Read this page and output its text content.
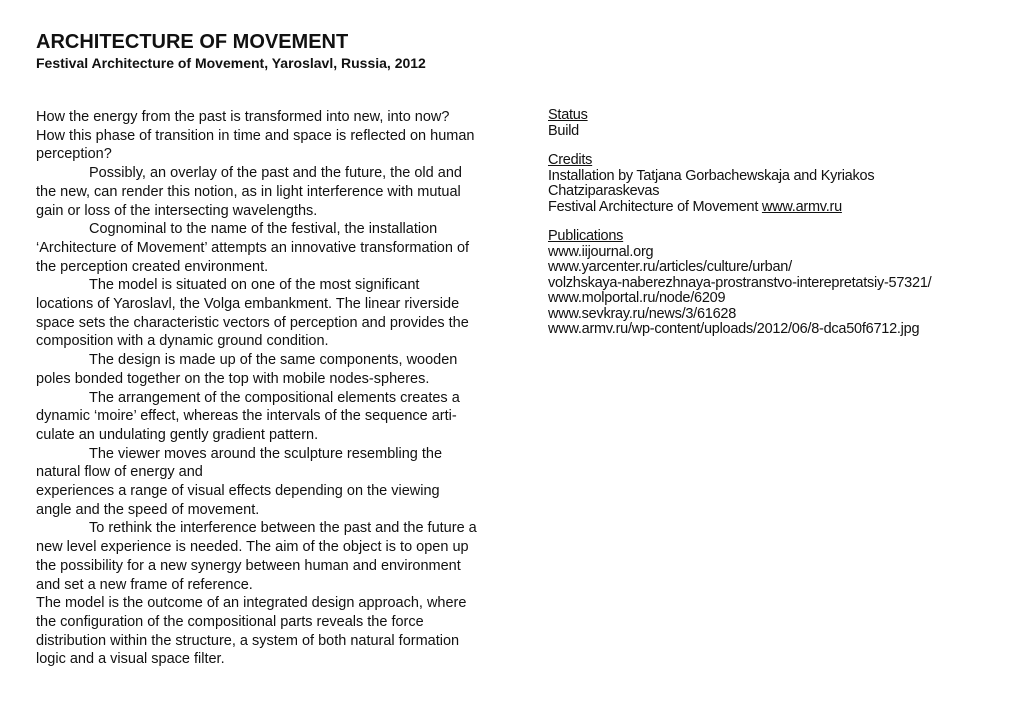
ARCHITECTURE OF MOVEMENT
Festival Architecture of Movement, Yaroslavl, Russia, 2012

How the energy from the past is transformed into new, into now? How this phase of transition in time and space is reflected on human perception?

Possibly, an overlay of the past and the future, the old and the new, can render this notion, as in light interference with mutual gain or loss of the intersecting wavelengths.

Cognominal to the name of the festival, the installation ‘Architecture of Movement’ attempts an innovative transformation of the perception created environment.

The model is situated on one of the most significant locations of Yaroslavl, the Volga embankment. The linear riverside space sets the characteristic vectors of perception and provides the composition with a dynamic ground condition.

The design is made up of the same components, wooden poles bonded together on the top with mobile nodes-spheres.

The arrangement of the compositional elements creates a dynamic ‘moire’ effect, whereas the intervals of the sequence arti-culate an undulating gently gradient pattern.

The viewer moves around the sculpture resembling the natural flow of energy and

experiences a range of visual effects depending on the viewing angle and the speed of movement.

To rethink the interference between the past and the future a new level experience is needed. The aim of the object is to open up the possibility for a new synergy between human and environment and set a new frame of reference.

The model is the outcome of an integrated design approach, where the configuration of the compositional parts reveals the force distribution within the structure, a system of both natural formation logic and a visual space filter.

Status
Build
Credits
Installation by Tatjana Gorbachewskaja and Kyriakos
Chatziparaskevas
Festival Architecture of Movement www.armv.ru
Publications
www.iijournal.org
www.yarcenter.ru/articles/culture/urban/
volzhskaya-naberezhnaya-prostranstvo-interepretatsiy-57321/
www.molportal.ru/node/6209
www.sevkray.ru/news/3/61628
www.armv.ru/wp-content/uploads/2012/06/8-dca50f6712.jpg
